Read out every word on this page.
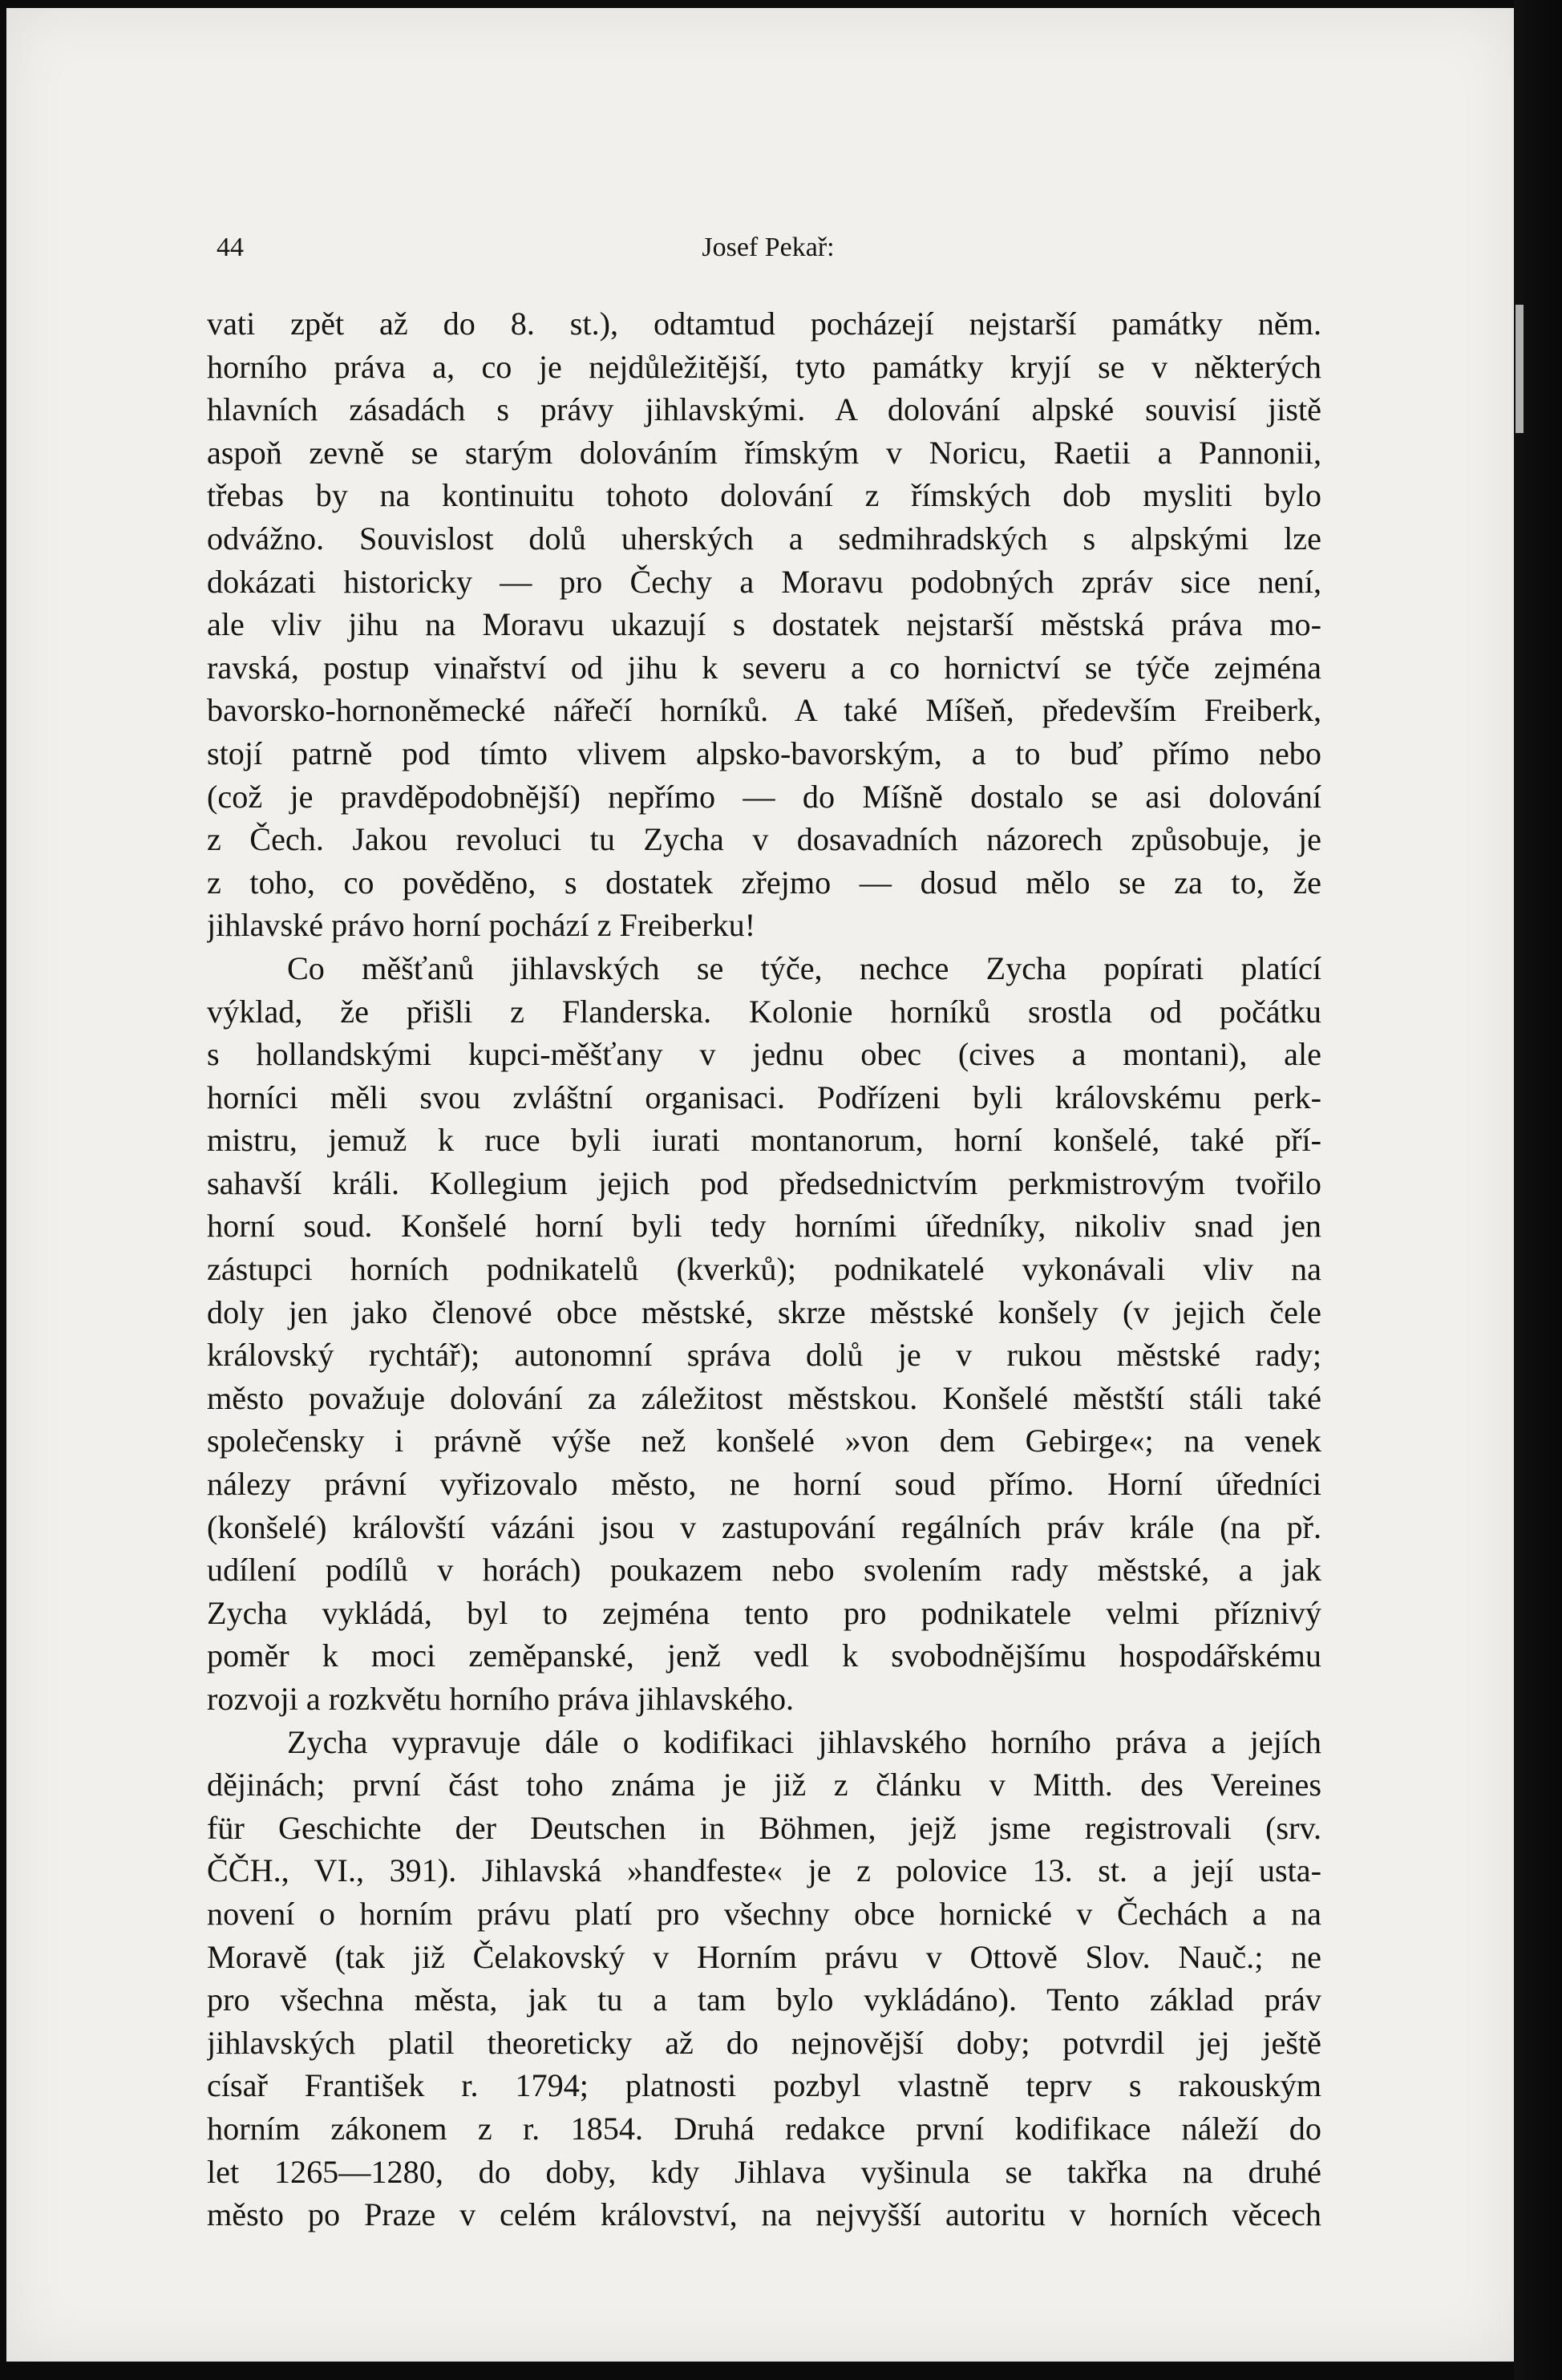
44	Josef Pekař:
vati zpět až do 8. st.), odtamtud pocházejí nejstarší památky něm.
horního práva a, co je nejdůležitější, tyto památky kryjí se v některých
hlavních zásadách s právy jihlavskými. A dolování alpské souvisí jistě
aspoň zevně se starým dolováním římským v Noricu, Raetii a Pannonii,
třebas by na kontinuitu tohoto dolování z římských dob mysliti bylo
odvážno. Souvislost dolů uherských a sedmihradských s alpskými lze
dokázati historicky — pro Čechy a Moravu podobných zpráv sice není,
ale vliv jihu na Moravu ukazují s dostatek nejstarší městská práva mo-
ravská, postup vinařství od jihu k severu a co hornictví se týče zejména
bavorsko-hornoněmecké nářečí horníků. A také Míšeň, především Freiberk,
stojí patrně pod tímto vlivem alpsko-bavorským, a to buď přímo nebo
(což je pravděpodobnější) nepřímo — do Míšně dostalo se asi dolování
z Čech. Jakou revoluci tu Zycha v dosavadních názorech způsobuje, je
z toho, co pověděno, s dostatek zřejmo — dosud mělo se za to, že
jihlavské právo horní pochází z Freiberku!
Co měšťanů jihlavských se týče, nechce Zycha popírati platící
výklad, že přišli z Flanderska. Kolonie horníků srostla od počátku
s hollandskými kupci-měšťany v jednu obec (cives a montani), ale
horníci měli svou zvláštní organisaci. Podřízeni byli královskému perk-
mistru, jemuž k ruce byli iurati montanorum, horní konšelé, také pří-
sahavší králi. Kollegium jejich pod předsednictvím perkmistrovým tvořilo
horní soud. Konšelé horní byli tedy horními úředníky, nikoliv snad jen
zástupci horních podnikatelů (kverků); podnikatelé vykonávali vliv na
doly jen jako členové obce městské, skrze městské konšely (v jejich čele
královský rychtář); autonomní správa dolů je v rukou městské rady;
město považuje dolování za záležitost městskou. Konšelé městští stáli také
společensky i právně výše než konšelé »von dem Gebirge«; na venek
nálezy právní vyřizovalo město, ne horní soud přímo. Horní úředníci
(konšelé) královští vázáni jsou v zastupování regálních práv krále (na př.
udílení podílů v horách) poukazem nebo svolením rady městské, a jak
Zycha vykládá, byl to zejména tento pro podnikatele velmi příznivý
poměr k moci zeměpanské, jenž vedl k svobodnějšímu hospodářskému
rozvoji a rozkvětu horního práva jihlavského.
Zycha vypravuje dále o kodifikaci jihlavského horního práva a jejích
dějinách; první část toho známa je již z článku v Mitth. des Vereines
für Geschichte der Deutschen in Böhmen, jejž jsme registrovali (srv.
ČČH., VI., 391). Jihlavská »handfeste« je z polovice 13. st. a její usta-
novení o horním právu platí pro všechny obce hornické v Čechách a na
Moravě (tak již Čelakovský v Horním právu v Ottově Slov. Nauč.; ne
pro všechna města, jak tu a tam bylo vykládáno). Tento základ práv
jihlavských platil theoreticky až do nejnovější doby; potvrdil jej ještě
císař František r. 1794; platnosti pozbyl vlastně teprv s rakouským
horním zákonem z r. 1854. Druhá redakce první kodifikace náleží do
let 1265—1280, do doby, kdy Jihlava vyšinula se takřka na druhé
město po Praze v celém království, na nejvyšší autoritu v horních věcech
